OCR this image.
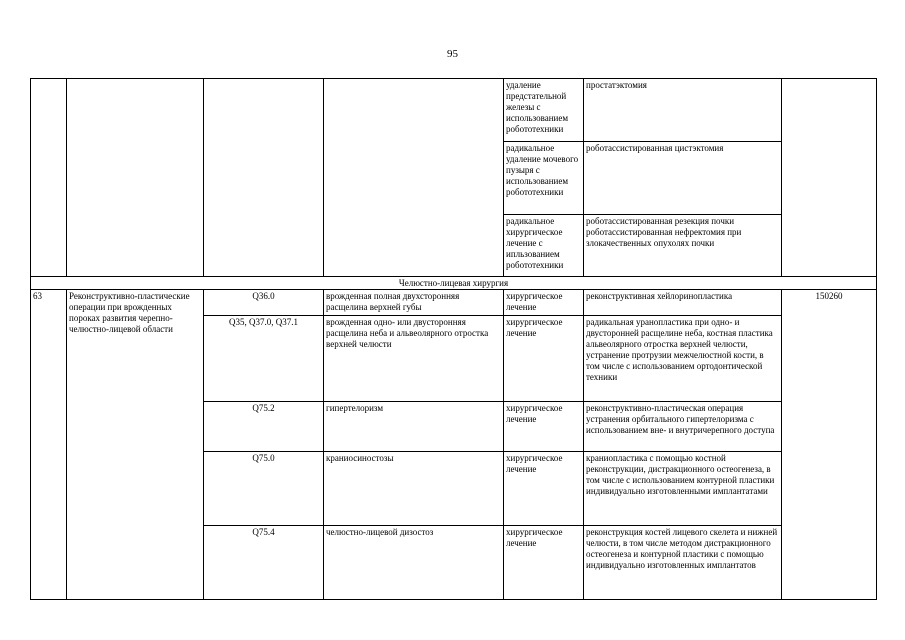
95
				удаление предстательной железы с использованием робототехники	простатэктомия	
				радикальное удаление мочевого пузыря с использованием робототехники	роботассистированная цистэктомия	
				радикальное хирургическое лечение с ипльзованием робототехники	роботассистированная резекция почки роботассистированная нефректомия при злокачественных опухолях почки	
Челюстно-лицевая хирургия						
63	Реконструктивно-пластические операции при врожденных пороках развития черепно-челюстно-лицевой области	Q36.0	врожденная полная двухсторонняя расщелина верхней губы	хирургическое лечение	реконструктивная хейлоринопластика	150260
		Q35, Q37.0, Q37.1	врожденная одно- или двусторонняя расщелина неба и альвеолярного отростка верхней челюсти	хирургическое лечение	радикальная уранопластика при одно- и двусторонней расщелине неба, костная пластика альвеолярного отростка верхней челюсти, устранение протрузии межчелюстной кости, в том числе с использованием ортодонтической техники	
		Q75.2	гипертелоризм	хирургическое лечение	реконструктивно-пластическая операция устранения орбитального гипертелоризма с использованием вне- и внутричерепного доступа	
		Q75.0	краниосиностозы	хирургическое лечение	краниопластика с помощью костной реконструкции, дистракционного остеогенеза, в том числе с использованием контурной пластики индивидуально изготовленными имплантатами	
		Q75.4	челюстно-лицевой дизостоз	хирургическое лечение	реконструкция костей лицевого скелета и нижней челюсти, в том числе методом дистракционного остеогенеза и контурной пластики с помощью индивидуально изготовленных имплантатов	
